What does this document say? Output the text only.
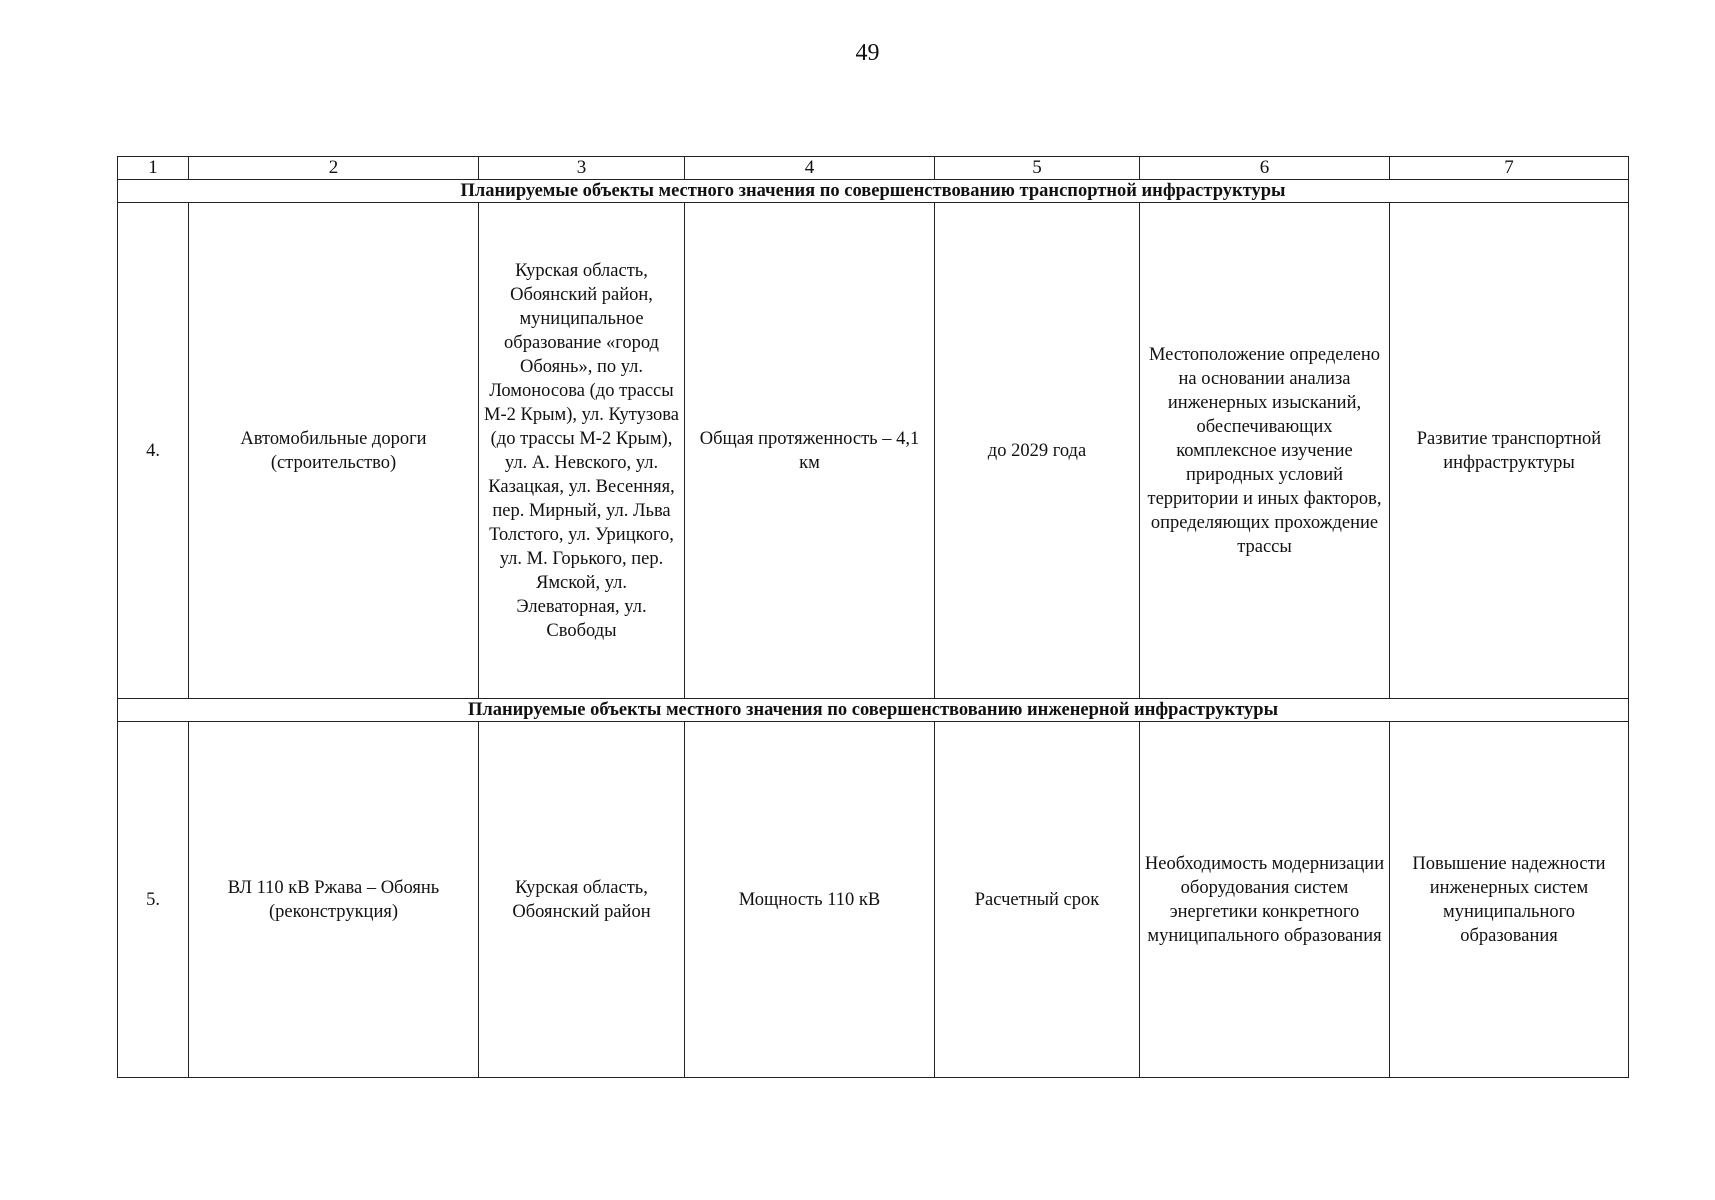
49
1	2	3	4	5	6	7
Планируемые объекты местного значения по совершенствованию транспортной инфраструктуры						
4.	Автомобильные дороги (строительство)	Курская область, Обоянский район, муниципальное образование «город Обоянь», по ул. Ломоносова (до трассы М-2 Крым), ул. Кутузова (до трассы М-2 Крым), ул. А. Невского, ул. Казацкая, ул. Весенняя, пер. Мирный, ул. Льва Толстого, ул. Урицкого, ул. М. Горького, пер. Ямской, ул. Элеваторная, ул. Свободы	Общая протяженность – 4,1 км	до 2029 года	Местоположение определено на основании анализа инженерных изысканий, обеспечивающих комплексное изучение природных условий территории и иных факторов, определяющих прохождение трассы	Развитие транспортной инфраструктуры
Планируемые объекты местного значения по совершенствованию инженерной инфраструктуры						
5.	ВЛ 110 кВ Ржава – Обоянь (реконструкция)	Курская область, Обоянский район	Мощность 110 кВ	Расчетный срок	Необходимость модернизации оборудования систем энергетики конкретного муниципального образования	Повышение надежности инженерных систем муниципального образования
